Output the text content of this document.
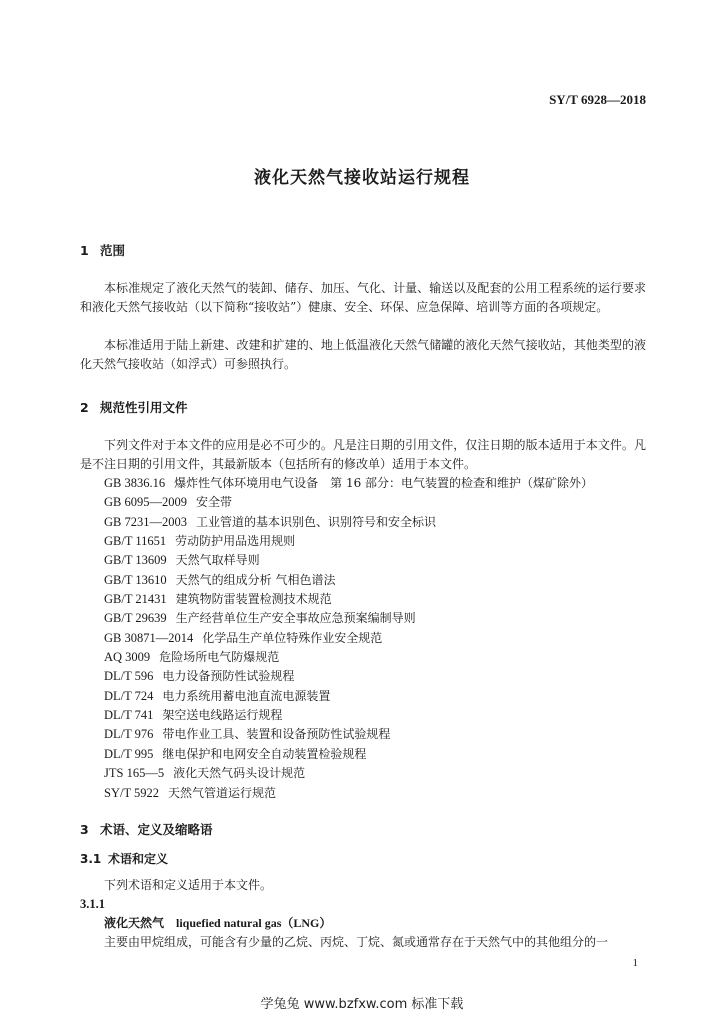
SY/T 6928—2018
液化天然气接收站运行规程
1 范围

本标准规定了液化天然气的装卸、储存、加压、气化、计量、输送以及配套的公用工程系统的运行要求和液化天然气接收站（以下简称“接收站”）健康、安全、环保、应急保障、培训等方面的各项规定。

本标准适用于陆上新建、改建和扩建的、地上低温液化天然气储罐的液化天然气接收站，其他类型的液化天然气接收站（如浮式）可参照执行。

2 规范性引用文件

下列文件对于本文件的应用是必不可少的。凡是注日期的引用文件，仅注日期的版本适用于本文件。凡是不注日期的引用文件，其最新版本（包括所有的修改单）适用于本文件。

GB 3836.16 爆炸性气体环境用电气设备　第 16 部分：电气装置的检查和维护（煤矿除外）
GB 6095—2009 安全带
GB 7231—2003 工业管道的基本识别色、识别符号和安全标识
GB/T 11651 劳动防护用品选用规则
GB/T 13609 天然气取样导则
GB/T 13610 天然气的组成分析 气相色谱法
GB/T 21431 建筑物防雷装置检测技术规范
GB/T 29639 生产经营单位生产安全事故应急预案编制导则
GB 30871—2014 化学品生产单位特殊作业安全规范
AQ 3009 危险场所电气防爆规范
DL/T 596 电力设备预防性试验规程
DL/T 724 电力系统用蓄电池直流电源装置
DL/T 741 架空送电线路运行规程
DL/T 976 带电作业工具、装置和设备预防性试验规程
DL/T 995 继电保护和电网安全自动装置检验规程
JTS 165—5 液化天然气码头设计规范
SY/T 5922 天然气管道运行规范
3 术语、定义及缩略语
3.1 术语和定义
下列术语和定义适用于本文件。
3.1.1
液化天然气 liquefied natural gas（LNG）
主要由甲烷组成，可能含有少量的乙烷、丙烷、丁烷、氮或通常存在于天然气中的其他组分的一
1
学兔兔 www.bzfxw.com 标准下载
